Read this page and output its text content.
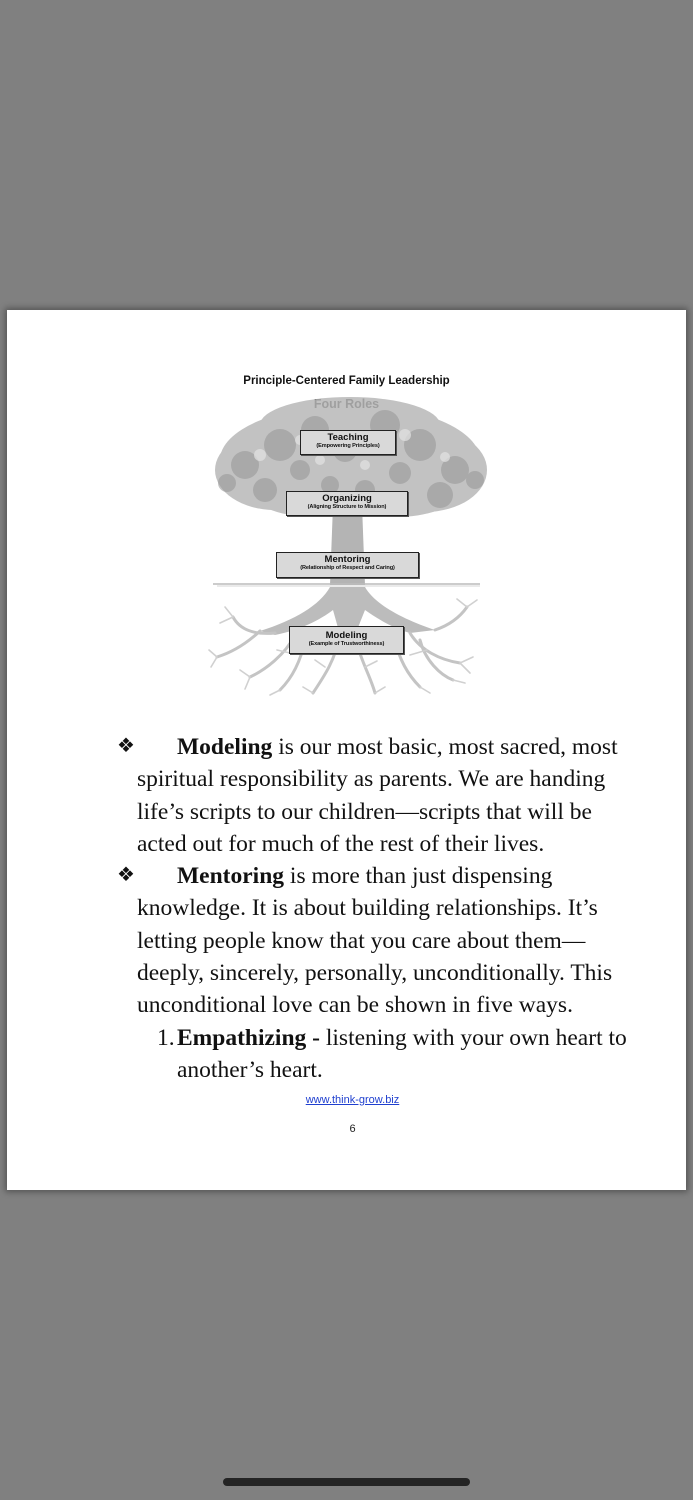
Principle-Centered Family Leadership
Teaching
(Empowering Principles)
Organizing
(Aligning Structure to Mission)
Mentoring
(Relationship of Respect and Caring)
Modeling
(Example of Trustworthiness)
❖	Modeling is our most basic, most sacred, most
spiritual responsibility as parents. We are handing
life’s scripts to our children—scripts that will be
acted out for much of the rest of their lives.
❖	Mentoring is more than just dispensing
knowledge. It is about building relationships. It’s
letting people know that you care about them—
deeply, sincerely, personally, unconditionally. This
unconditional love can be shown in five ways.
1. Empathizing - listening with your own heart to
another’s heart.
www.think-grow.biz
6
